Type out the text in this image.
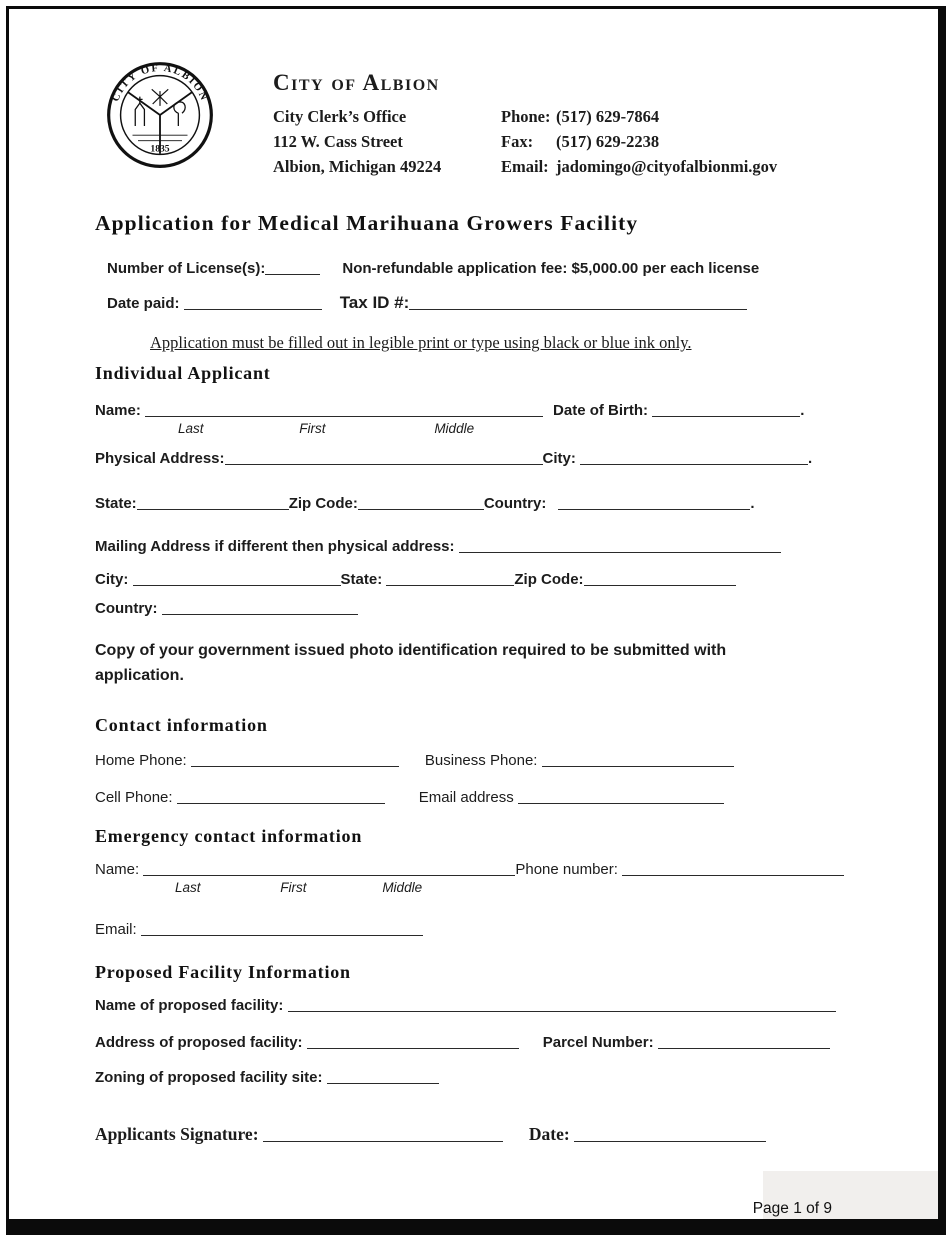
CITY OF ALBION
1835
City of Albion
City Clerk’s Office
112 W. Cass Street
Albion, Michigan 49224
Phone: (517) 629-7864
Fax: (517) 629-2238
Email: jadomingo@cityofalbionmi.gov
Application for Medical Marihuana Growers Facility
Number of License(s):	Non-refundable application fee: $5,000.00 per each license
Date paid:	Tax ID #:
Application must be filled out in legible print or type using black or blue ink only.
Individual Applicant
Name:	Date of Birth:	.
Last	First	Middle
Physical Address:	City:	.
State:	Zip Code:	Country:	.
Mailing Address if different then physical address:
City:	State:	Zip Code:
Country:
Copy of your government issued photo identification required to be submitted with application.
Contact information
Home Phone:	Business Phone:
Cell Phone:	Email address
Emergency contact information
Name:	Phone number:
Last	First	Middle
Email:
Proposed Facility Information
Name of proposed facility:
Address of proposed facility:	Parcel Number:
Zoning of proposed facility site:
Applicants Signature:	Date:
Page 1 of 9
